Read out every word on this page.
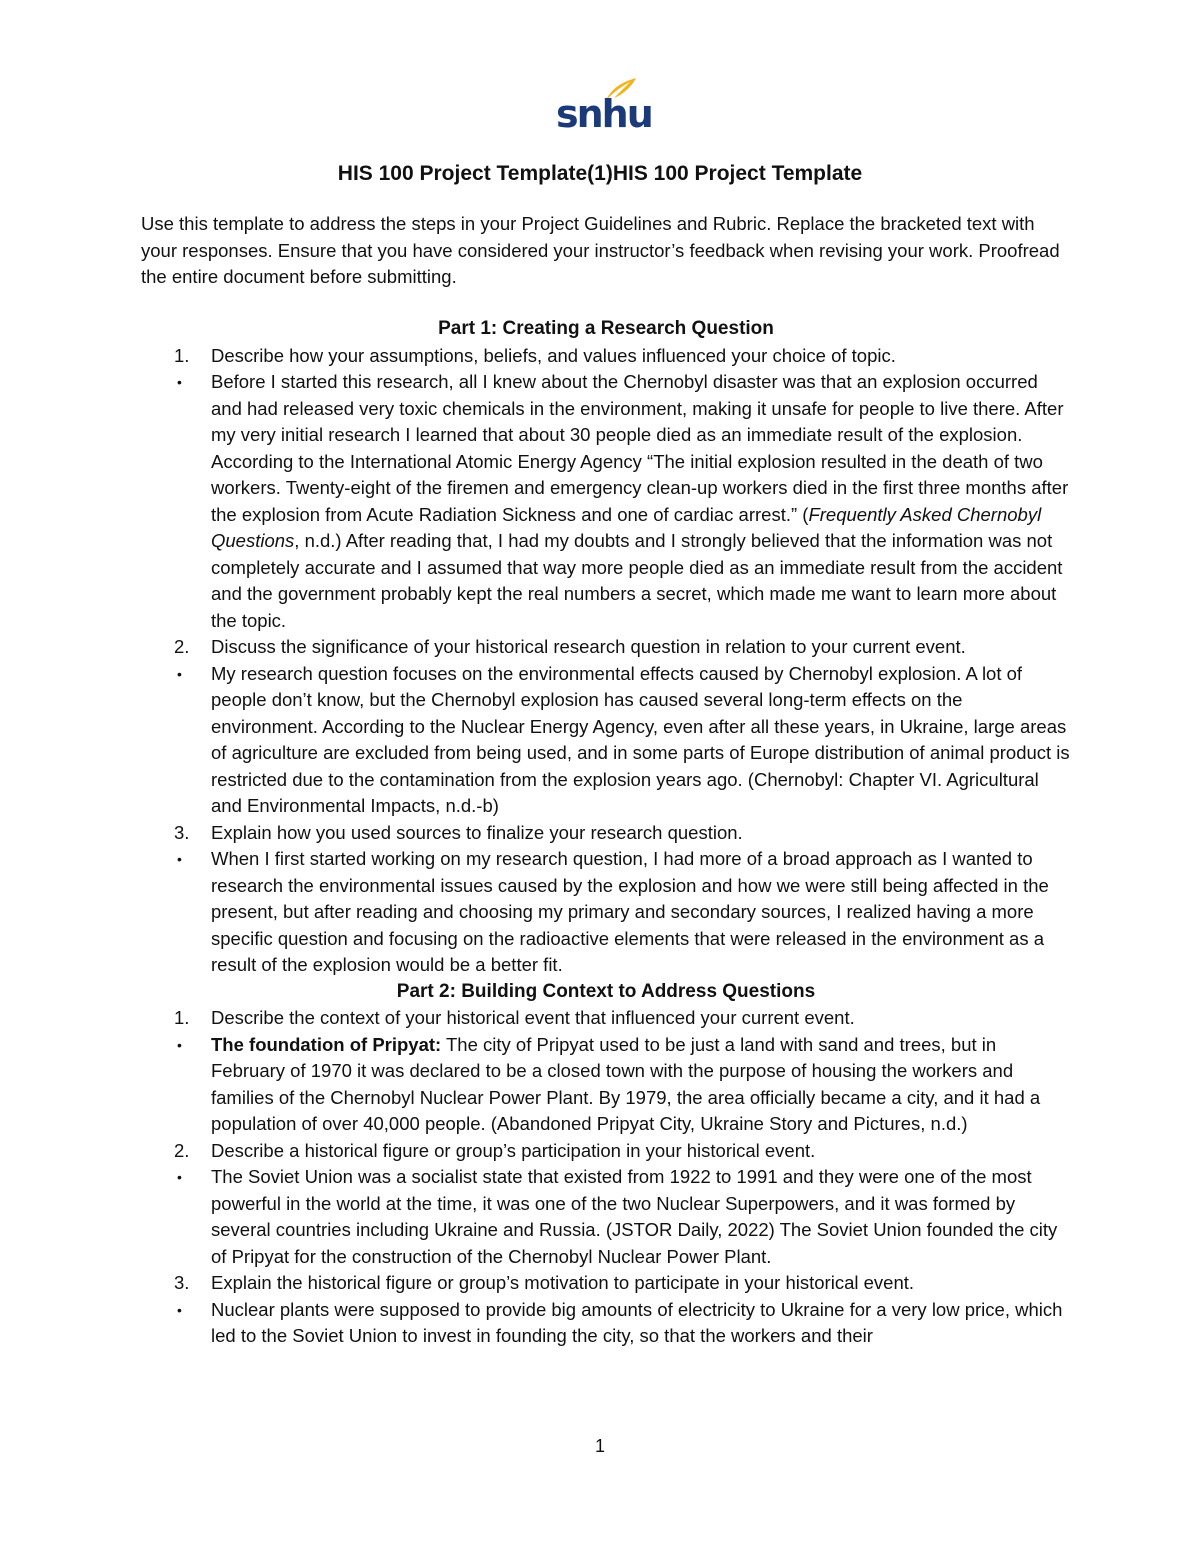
snhu
HIS 100 Project Template(1)HIS 100 Project Template

Use this template to address the steps in your Project Guidelines and Rubric. Replace the bracketed text with your responses. Ensure that you have considered your instructor’s feedback when revising your work. Proofread the entire document before submitting.

Part 1: Creating a Research Question

1.	Describe how your assumptions, beliefs, and values influenced your choice of topic.

•	Before I started this research, all I knew about the Chernobyl disaster was that an explosion occurred and had released very toxic chemicals in the environment, making it unsafe for people to live there. After my very initial research I learned that about 30 people died as an immediate result of the explosion. According to the International Atomic Energy Agency “The initial explosion resulted in the death of two workers. Twenty-eight of the firemen and emergency clean-up workers died in the first three months after the explosion from Acute Radiation Sickness and one of cardiac arrest.” (Frequently Asked Chernobyl Questions, n.d.) After reading that, I had my doubts and I strongly believed that the information was not completely accurate and I assumed that way more people died as an immediate result from the accident and the government probably kept the real numbers a secret, which made me want to learn more about the topic.

2.	Discuss the significance of your historical research question in relation to your current event.

•	My research question focuses on the environmental effects caused by Chernobyl explosion. A lot of people don’t know, but the Chernobyl explosion has caused several long-term effects on the environment. According to the Nuclear Energy Agency, even after all these years, in Ukraine, large areas of agriculture are excluded from being used, and in some parts of Europe distribution of animal product is restricted due to the contamination from the explosion years ago. (Chernobyl: Chapter VI. Agricultural and Environmental Impacts, n.d.-b)

3.	Explain how you used sources to finalize your research question.

•	When I first started working on my research question, I had more of a broad approach as I wanted to research the environmental issues caused by the explosion and how we were still being affected in the present, but after reading and choosing my primary and secondary sources, I realized having a more specific question and focusing on the radioactive elements that were released in the environment as a result of the explosion would be a better fit.

Part 2: Building Context to Address Questions

1.	Describe the context of your historical event that influenced your current event.

•	The foundation of Pripyat: The city of Pripyat used to be just a land with sand and trees, but in February of 1970 it was declared to be a closed town with the purpose of housing the workers and families of the Chernobyl Nuclear Power Plant. By 1979, the area officially became a city, and it had a population of over 40,000 people. (Abandoned Pripyat City, Ukraine Story and Pictures, n.d.)

2.	Describe a historical figure or group’s participation in your historical event.

•	The Soviet Union was a socialist state that existed from 1922 to 1991 and they were one of the most powerful in the world at the time, it was one of the two Nuclear Superpowers, and it was formed by several countries including Ukraine and Russia. (JSTOR Daily, 2022) The Soviet Union founded the city of Pripyat for the construction of the Chernobyl Nuclear Power Plant.

3.	Explain the historical figure or group’s motivation to participate in your historical event.

•	Nuclear plants were supposed to provide big amounts of electricity to Ukraine for a very low price, which led to the Soviet Union to invest in founding the city, so that the workers and their

1
